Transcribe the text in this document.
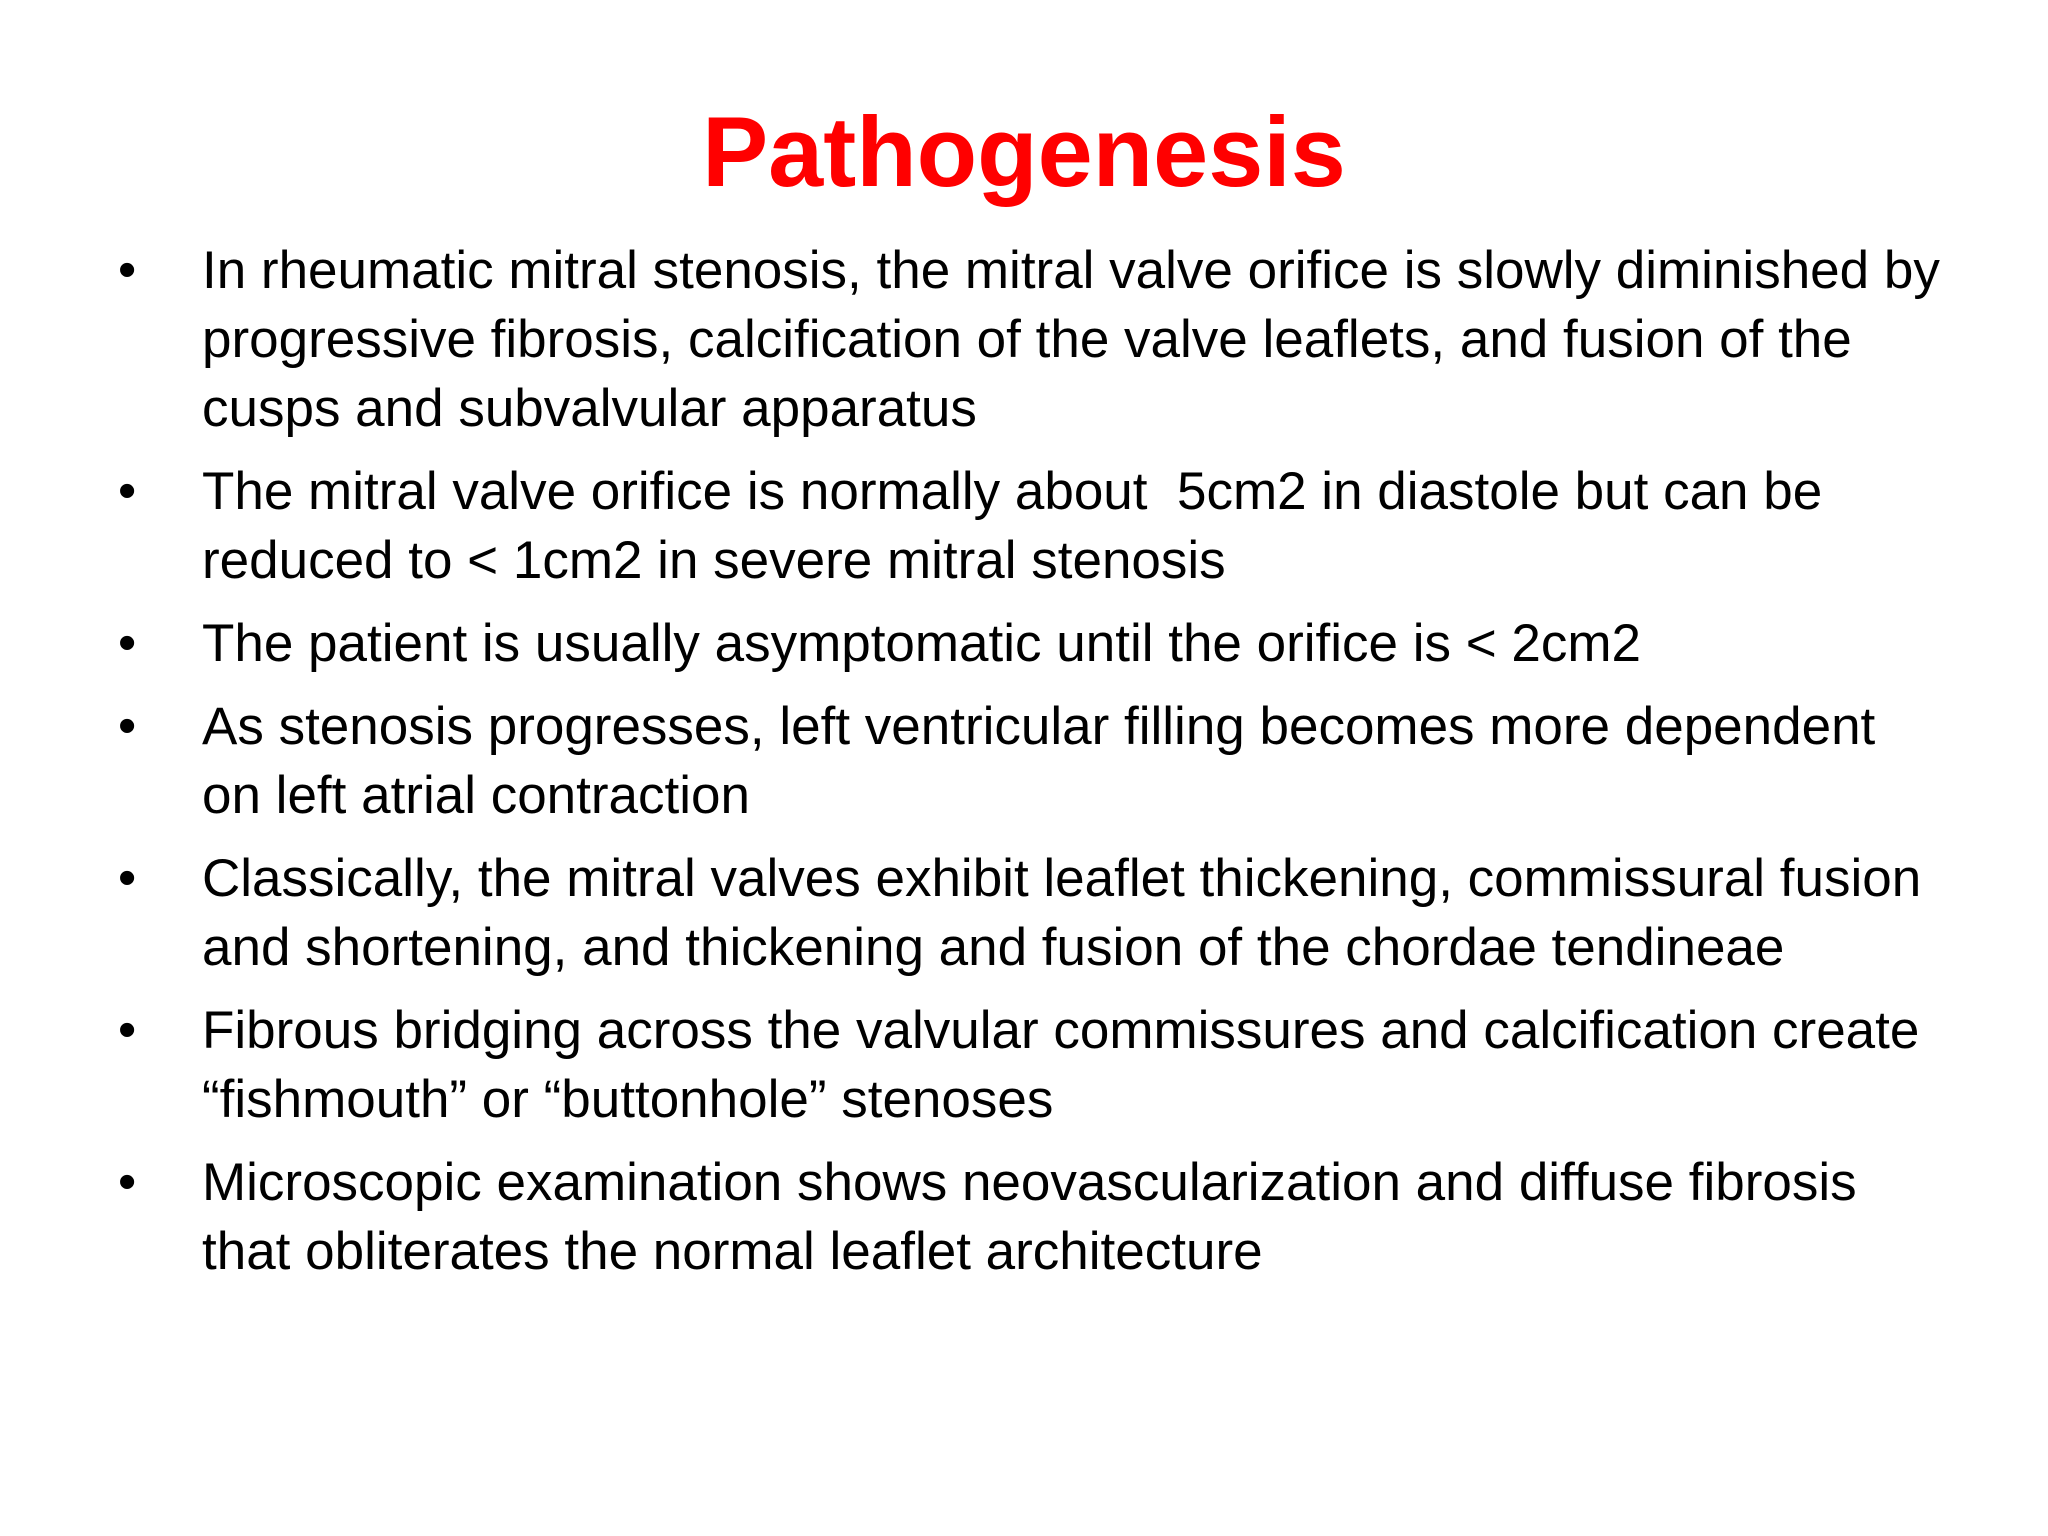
Pathogenesis
•	In rheumatic mitral stenosis, the mitral valve orifice is slowly diminished by progressive fibrosis, calcification of the valve leaflets, and fusion of the cusps and subvalvular apparatus
•	The mitral valve orifice is normally about  5cm2 in diastole but can be reduced to < 1cm2 in severe mitral stenosis
•	The patient is usually asymptomatic until the orifice is < 2cm2
•	As stenosis progresses, left ventricular filling becomes more dependent on left atrial contraction
•	Classically, the mitral valves exhibit leaflet thickening, commissural fusion and shortening, and thickening and fusion of the chordae tendineae
•	Fibrous bridging across the valvular commissures and calcification create “fishmouth” or “buttonhole” stenoses
•	Microscopic examination shows neovascularization and diffuse fibrosis that obliterates the normal leaflet architecture
